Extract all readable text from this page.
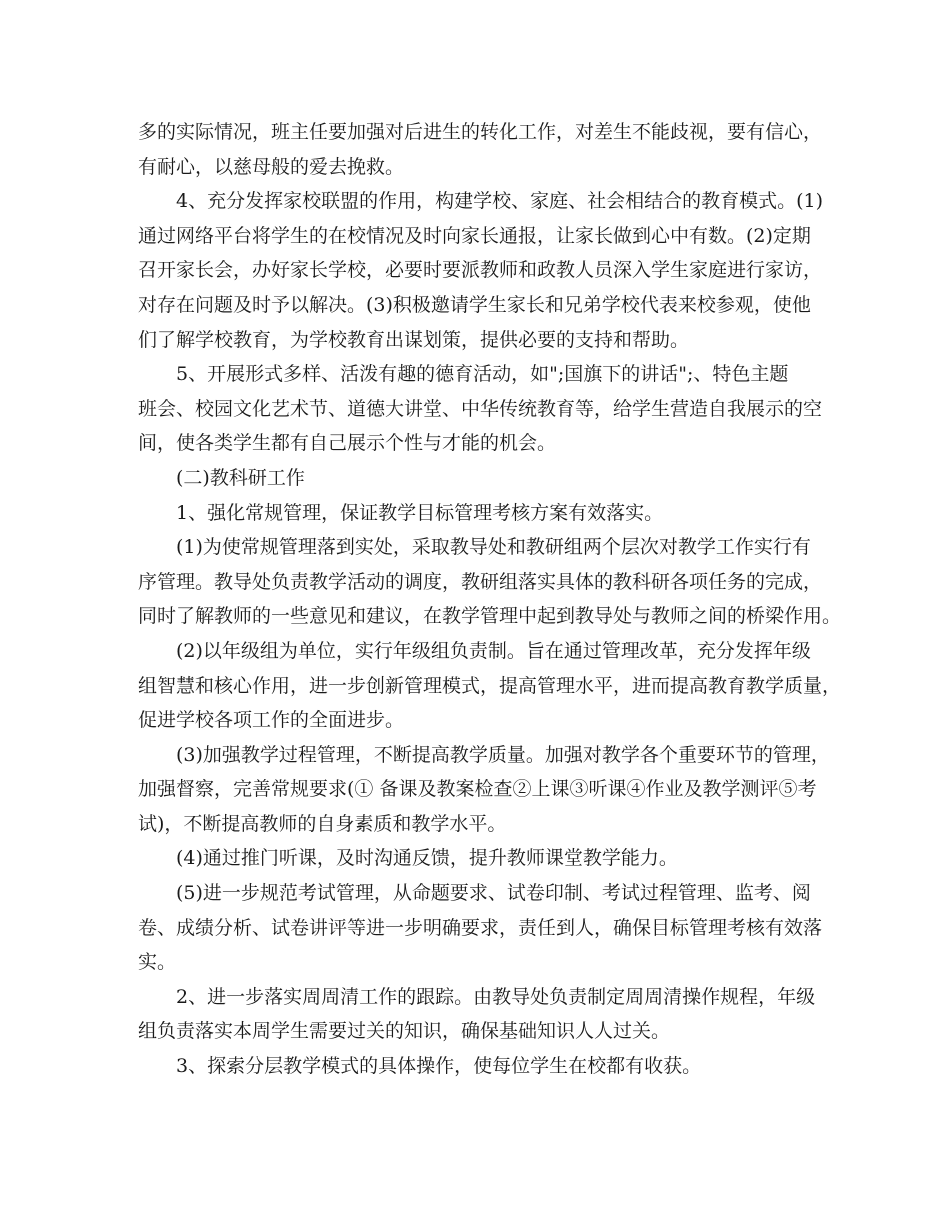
多的实际情况，班主任要加强对后进生的转化工作，对差生不能歧视，要有信心，
有耐心，以慈母般的爱去挽救。
4、充分发挥家校联盟的作用，构建学校、家庭、社会相结合的教育模式。(1)
通过网络平台将学生的在校情况及时向家长通报，让家长做到心中有数。(2)定期
召开家长会，办好家长学校，必要时要派教师和政教人员深入学生家庭进行家访，
对存在问题及时予以解决。(3)积极邀请学生家长和兄弟学校代表来校参观，使他
们了解学校教育，为学校教育出谋划策，提供必要的支持和帮助。
5、开展形式多样、活泼有趣的德育活动，如";国旗下的讲话";、特色主题
班会、校园文化艺术节、道德大讲堂、中华传统教育等，给学生营造自我展示的空
间，使各类学生都有自己展示个性与才能的机会。
(二)教科研工作
1、强化常规管理，保证教学目标管理考核方案有效落实。
(1)为使常规管理落到实处，采取教导处和教研组两个层次对教学工作实行有
序管理。教导处负责教学活动的调度，教研组落实具体的教科研各项任务的完成，
同时了解教师的一些意见和建议，在教学管理中起到教导处与教师之间的桥梁作用。
(2)以年级组为单位，实行年级组负责制。旨在通过管理改革，充分发挥年级
组智慧和核心作用，进一步创新管理模式，提高管理水平，进而提高教育教学质量，
促进学校各项工作的全面进步。
(3)加强教学过程管理，不断提高教学质量。加强对教学各个重要环节的管理，
加强督察，完善常规要求(① 备课及教案检查②上课③听课④作业及教学测评⑤考
试)，不断提高教师的自身素质和教学水平。
(4)通过推门听课，及时沟通反馈，提升教师课堂教学能力。
(5)进一步规范考试管理，从命题要求、试卷印制、考试过程管理、监考、阅
卷、成绩分析、试卷讲评等进一步明确要求，责任到人，确保目标管理考核有效落
实。
2、进一步落实周周清工作的跟踪。由教导处负责制定周周清操作规程，年级
组负责落实本周学生需要过关的知识，确保基础知识人人过关。
3、探索分层教学模式的具体操作，使每位学生在校都有收获。
